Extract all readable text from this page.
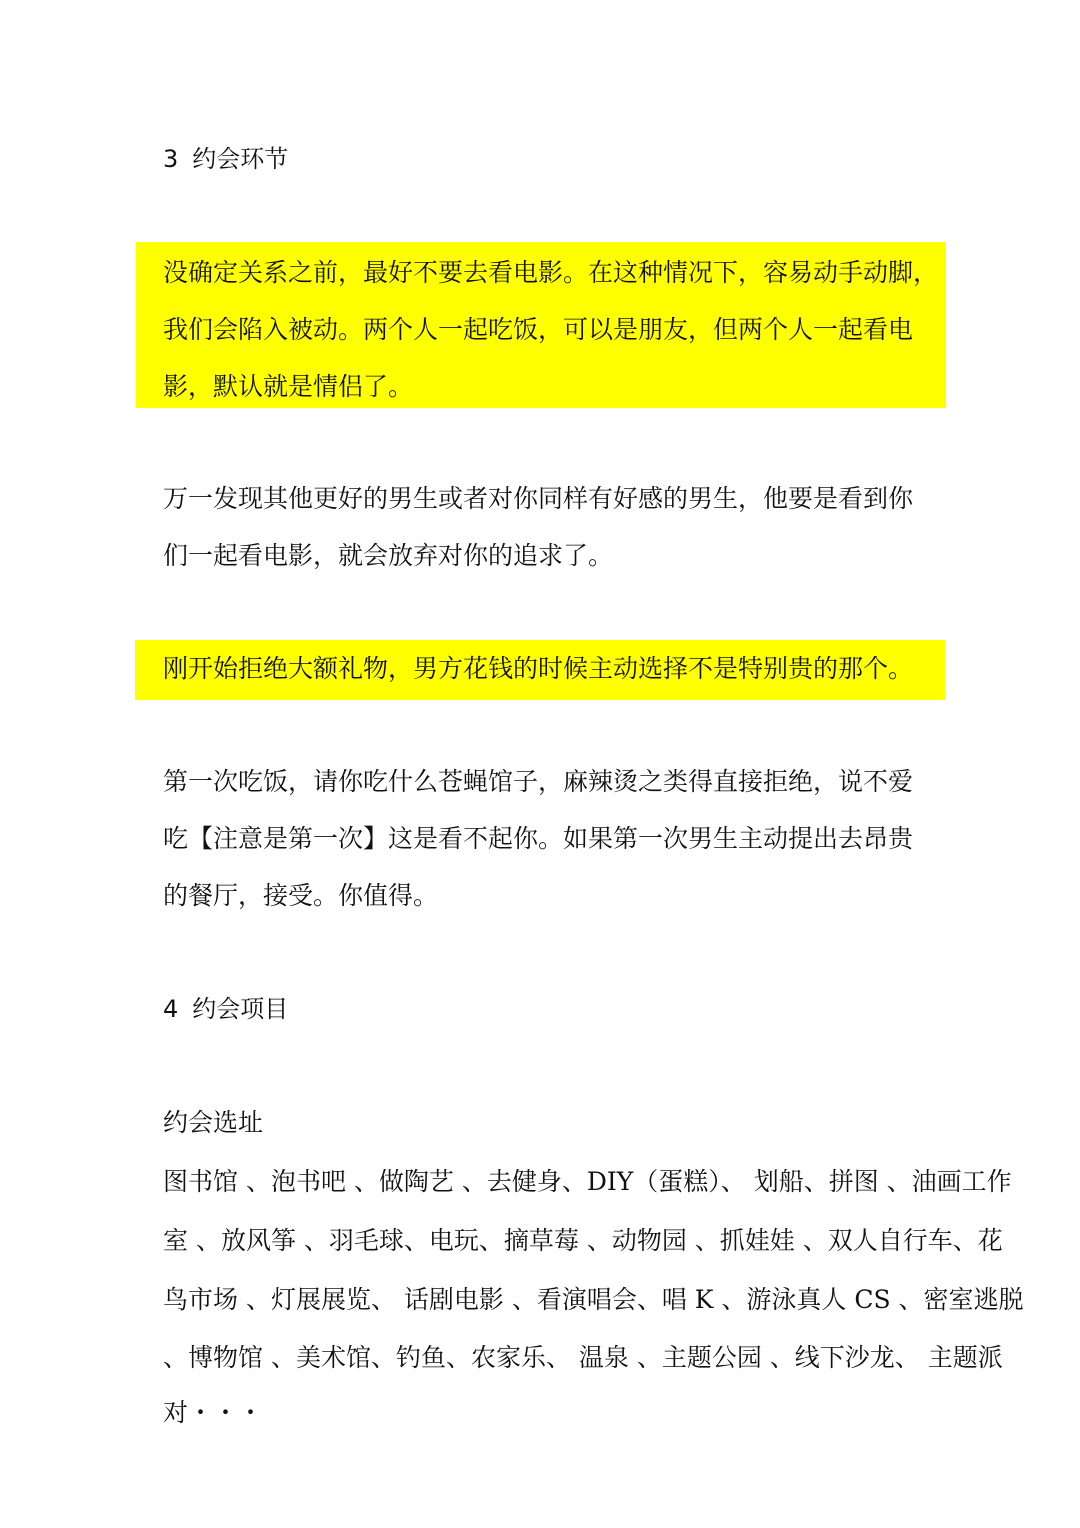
3 约会环节
没确定关系之前，最好不要去看电影。在这种情况下，容易动手动脚，
我们会陷入被动。两个人一起吃饭，可以是朋友，但两个人一起看电
影，默认就是情侣了。
万一发现其他更好的男生或者对你同样有好感的男生，他要是看到你
们一起看电影，就会放弃对你的追求了。
刚开始拒绝大额礼物，男方花钱的时候主动选择不是特别贵的那个。
第一次吃饭，请你吃什么苍蝇馆子，麻辣烫之类得直接拒绝，说不爱
吃【注意是第一次】这是看不起你。如果第一次男生主动提出去昂贵
的餐厅，接受。你值得。
4 约会项目
约会选址
图书馆 、泡书吧 、做陶艺 、去健身、DIY（蛋糕）、 划船、拼图 、油画工作
室 、放风筝 、羽毛球、电玩、摘草莓 、动物园 、抓娃娃 、双人自行车、花
鸟市场 、灯展展览、 话剧电影 、看演唱会、唱 K 、游泳真人 CS 、密室逃脱
、博物馆 、美术馆、钓鱼、农家乐、 温泉 、主题公园 、线下沙龙、 主题派
对・・・
